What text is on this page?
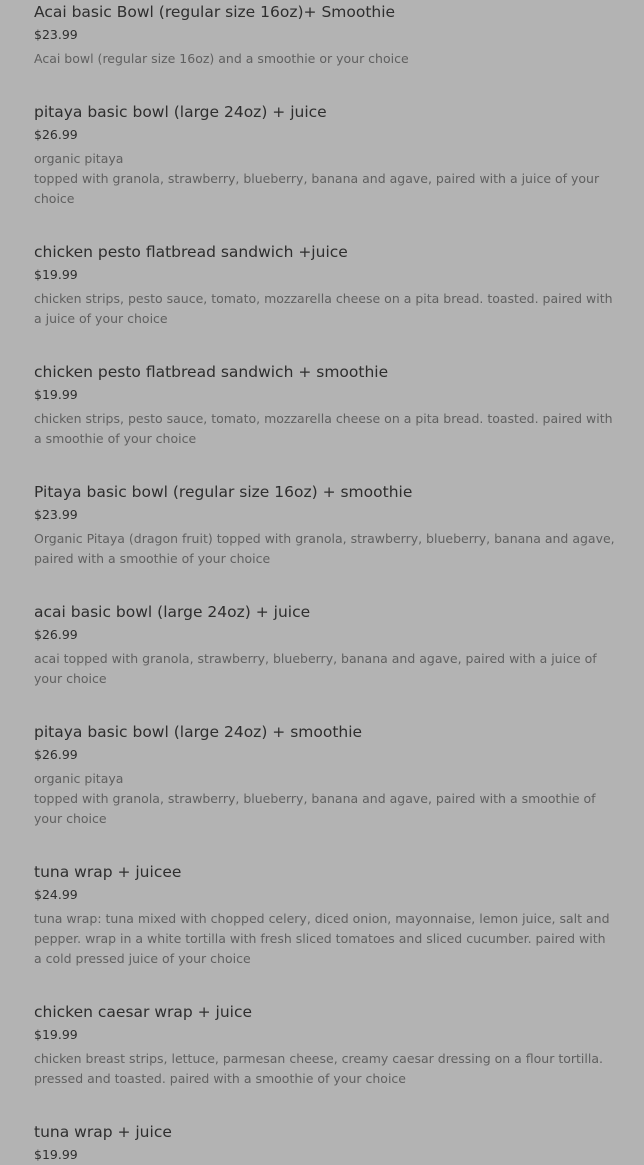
Acai basic Bowl (regular size 16oz)+ Smoothie
$23.99
Acai bowl (regular size 16oz) and a smoothie or your choice
pitaya basic bowl (large 24oz) + juice
$26.99
organic pitaya
topped with granola, strawberry, blueberry, banana and agave, paired with a juice of your choice
chicken pesto flatbread sandwich +juice
$19.99
chicken strips, pesto sauce, tomato, mozzarella cheese on a pita bread. toasted. paired with a juice of your choice
chicken pesto flatbread sandwich + smoothie
$19.99
chicken strips, pesto sauce, tomato, mozzarella cheese on a pita bread. toasted. paired with a smoothie of your choice
Pitaya basic bowl (regular size 16oz) + smoothie
$23.99
Organic Pitaya (dragon fruit) topped with granola, strawberry, blueberry, banana and agave, paired with a smoothie of your choice
acai basic bowl (large 24oz) + juice
$26.99
acai topped with granola, strawberry, blueberry, banana and agave, paired with a juice of your choice
pitaya basic bowl (large 24oz) + smoothie
$26.99
organic pitaya
topped with granola, strawberry, blueberry, banana and agave, paired with a smoothie of your choice
tuna wrap + juicee
$24.99
tuna wrap: tuna mixed with chopped celery, diced onion, mayonnaise, lemon juice, salt and pepper. wrap in a white tortilla with fresh sliced tomatoes and sliced cucumber. paired with a cold pressed juice of your choice
chicken caesar wrap + juice
$19.99
chicken breast strips, lettuce, parmesan cheese, creamy caesar dressing on a flour tortilla. pressed and toasted. paired with a smoothie of your choice
tuna wrap + juice
$19.99
